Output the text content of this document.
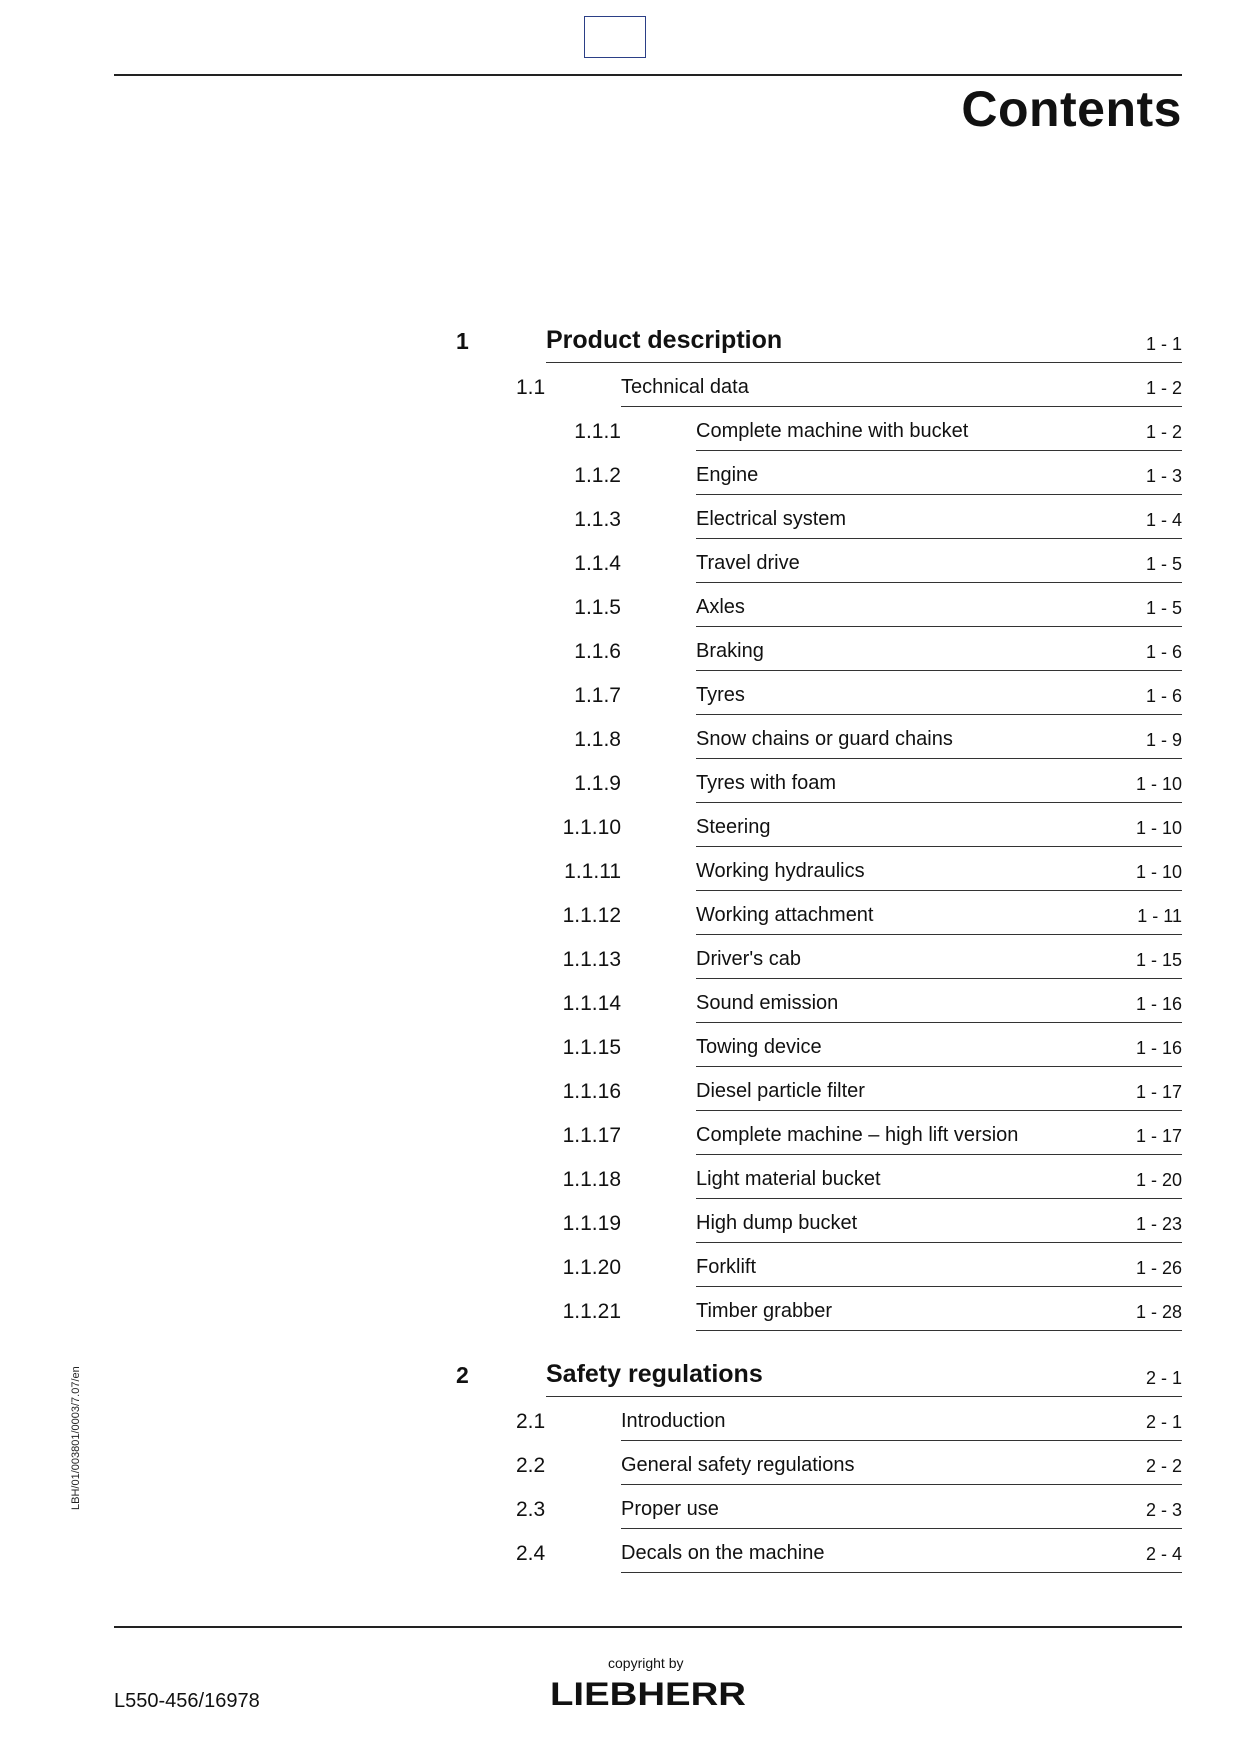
Contents
1	Product description	1 - 1
1.1	Technical data	1 - 2
1.1.1	Complete machine with bucket	1 - 2
1.1.2	Engine	1 - 3
1.1.3	Electrical system	1 - 4
1.1.4	Travel drive	1 - 5
1.1.5	Axles	1 - 5
1.1.6	Braking	1 - 6
1.1.7	Tyres	1 - 6
1.1.8	Snow chains or guard chains	1 - 9
1.1.9	Tyres with foam	1 - 10
1.1.10	Steering	1 - 10
1.1.11	Working hydraulics	1 - 10
1.1.12	Working attachment	1 - 11
1.1.13	Driver's cab	1 - 15
1.1.14	Sound emission	1 - 16
1.1.15	Towing device	1 - 16
1.1.16	Diesel particle filter	1 - 17
1.1.17	Complete machine – high lift version	1 - 17
1.1.18	Light material bucket	1 - 20
1.1.19	High dump bucket	1 - 23
1.1.20	Forklift	1 - 26
1.1.21	Timber grabber	1 - 28
2	Safety regulations	2 - 1
2.1	Introduction	2 - 1
2.2	General safety regulations	2 - 2
2.3	Proper use	2 - 3
2.4	Decals on the machine	2 - 4
LBH/01/003801/0003/7.07/en
copyright by
LIEBHERR
L550-456/16978
